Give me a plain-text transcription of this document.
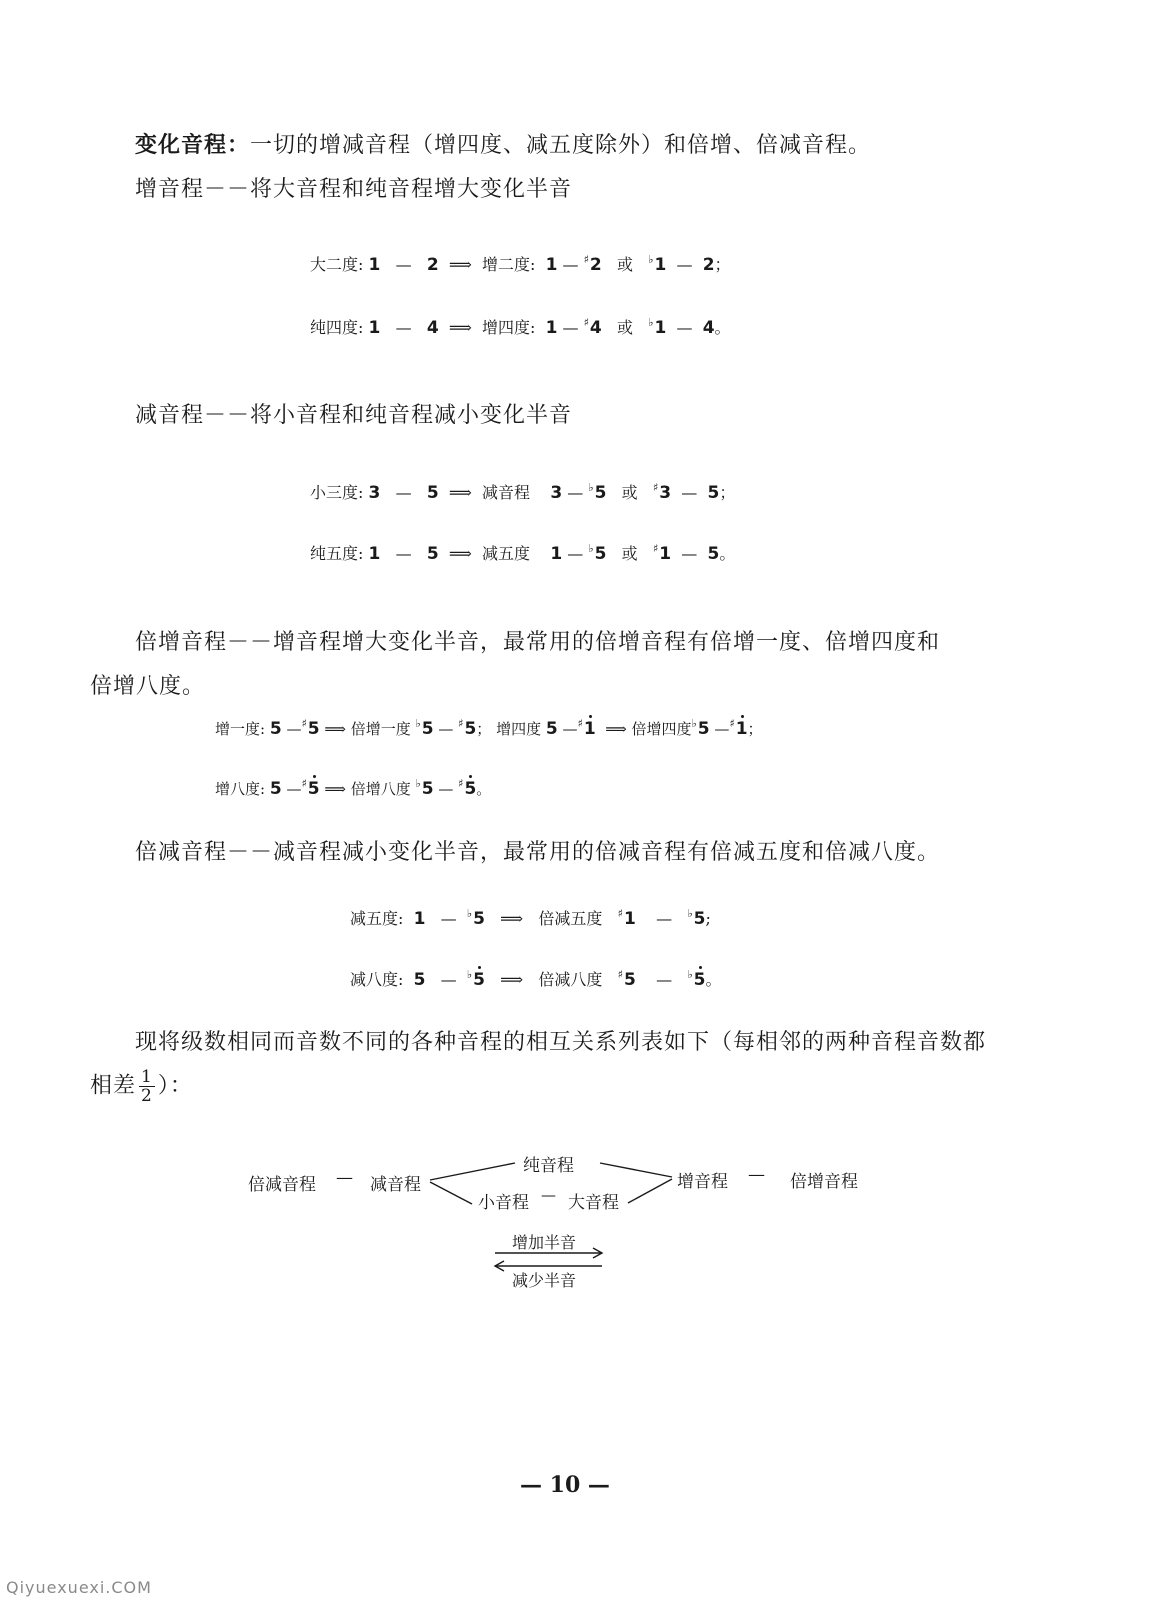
变化音程：一切的增减音程（增四度、减五度除外）和倍增、倍减音程。
增音程－－将大音程和纯音程增大变化半音
大二度: 1   —   2 ⟹ 增二度: 1 — ♯2 或 ♭1  —  2；
纯四度: 1   —   4 ⟹ 增四度: 1 — ♯4 或 ♭1  —  4。
减音程－－将小音程和纯音程减小变化半音
小三度: 3   —   5 ⟹ 减音程 3 — ♭5 或 ♯3  —  5；
纯五度: 1   —   5 ⟹ 减五度 1 — ♭5 或 ♯1  —  5。
倍增音程－－增音程增大变化半音，最常用的倍增音程有倍增一度、倍增四度和
倍增八度。
增一度: 5 —♯5 ⟹ 倍增一度 ♭5 — ♯5； 增四度 5 —♯1 ⟹ 倍增四度♭5 —♯1；
增八度: 5 —♯5 ⟹ 倍增八度 ♭5 — ♯5。
倍减音程－－减音程减小变化半音，最常用的倍减音程有倍减五度和倍减八度。
减五度: 1   —  ♭5 ⟹ 倍减五度 ♯1    —   ♭5;
减八度: 5   —  ♭5 ⟹ 倍减八度 ♯5    —   ♭5。
现将级数相同而音数不同的各种音程的相互关系列表如下（每相邻的两种音程音数都
相差 $\frac{1}{2}$ ）：
倍减音程 — 减音程
纯音程
小音程 — 大音程
增音程 — 倍增音程
增加半音
减少半音
— 10 —
Qiyuexuexi.COM
